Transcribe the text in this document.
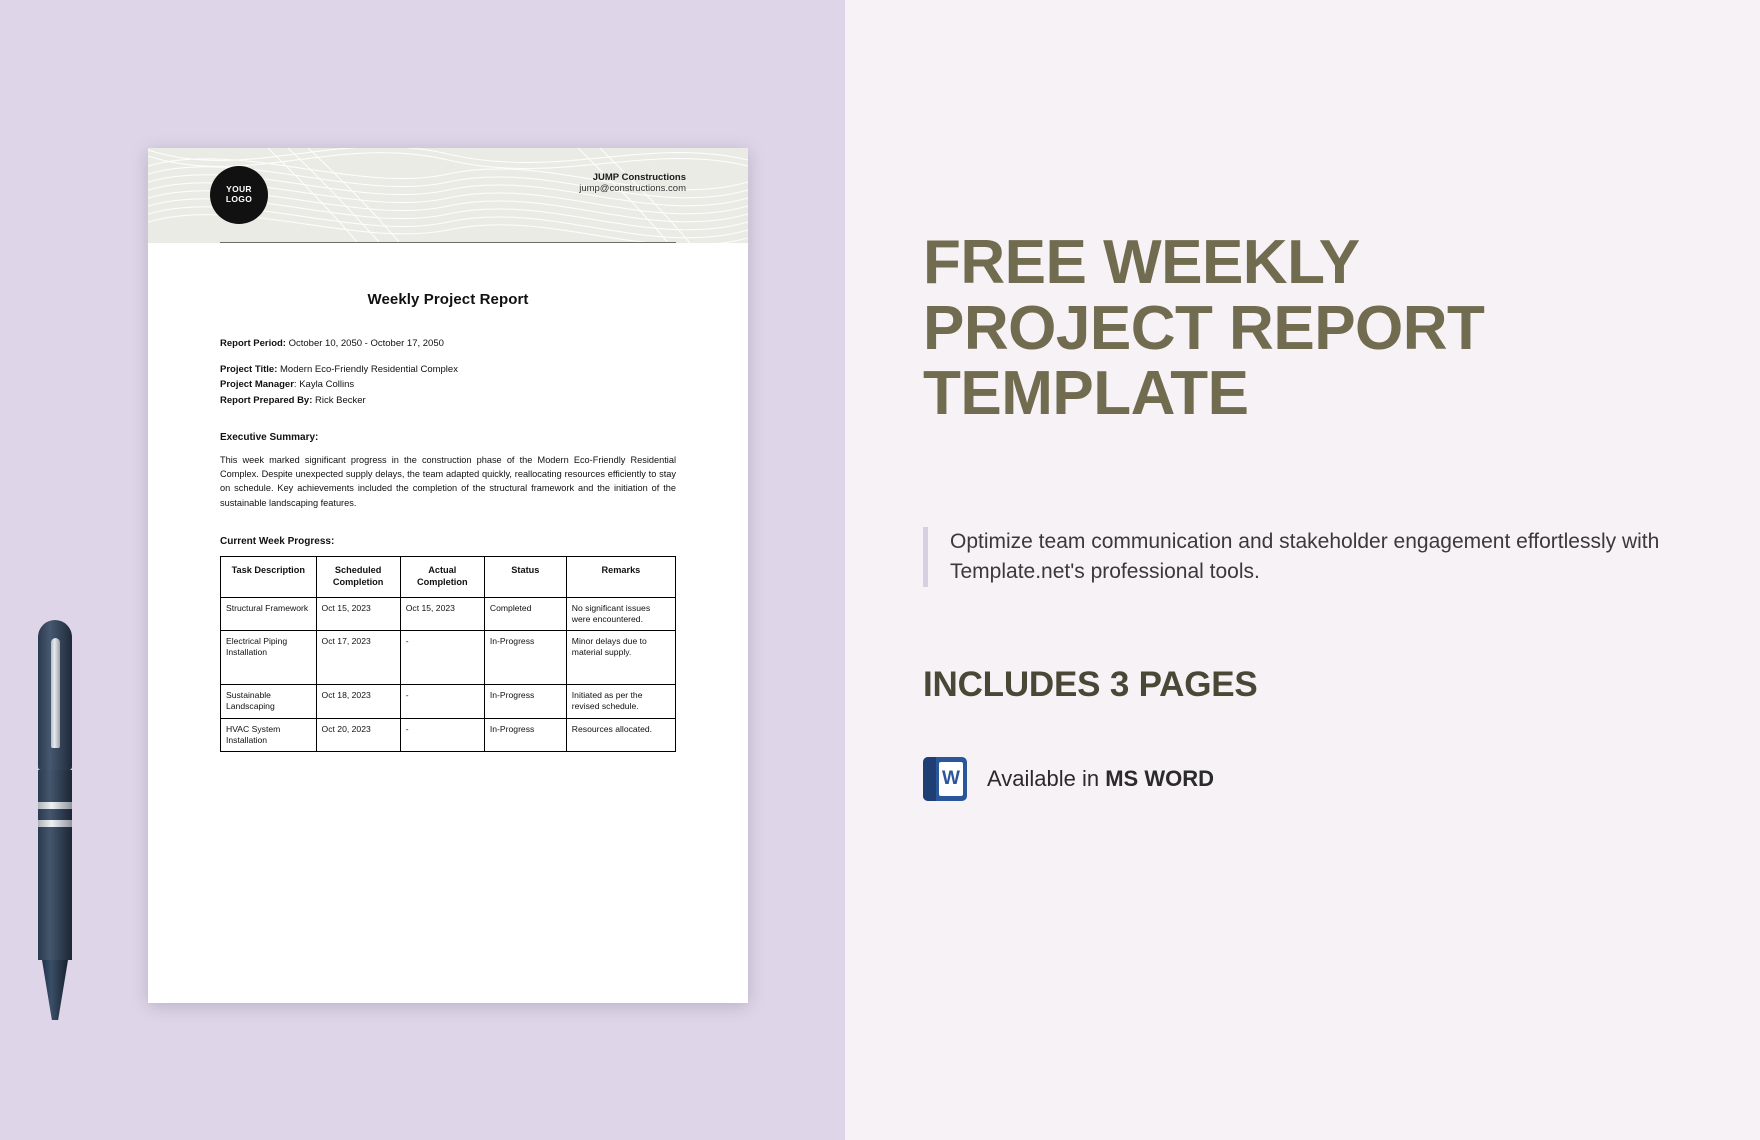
YOUR
LOGO
JUMP Constructions
jump@constructions.com
Weekly Project Report
Report Period: October 10, 2050 - October 17, 2050
Project Title: Modern Eco-Friendly Residential Complex
Project Manager: Kayla Collins
Report Prepared By: Rick Becker
Executive Summary:
This week marked significant progress in the construction phase of the Modern Eco-Friendly Residential Complex. Despite unexpected supply delays, the team adapted quickly, reallocating resources efficiently to stay on schedule. Key achievements included the completion of the structural framework and the initiation of the sustainable landscaping features.
Current Week Progress:
Task Description	Scheduled Completion	Actual Completion	Status	Remarks
Structural Framework	Oct 15, 2023	Oct 15, 2023	Completed	No significant issues were encountered.
Electrical Piping Installation	Oct 17, 2023	-	In-Progress	Minor delays due to material supply.
Sustainable Landscaping	Oct 18, 2023	-	In-Progress	Initiated as per the revised schedule.
HVAC System Installation	Oct 20, 2023	-	In-Progress	Resources allocated.
FREE WEEKLY PROJECT REPORT TEMPLATE
Optimize team communication and stakeholder engagement effortlessly with Template.net's professional tools.
INCLUDES 3 PAGES
W Available in MS WORD
